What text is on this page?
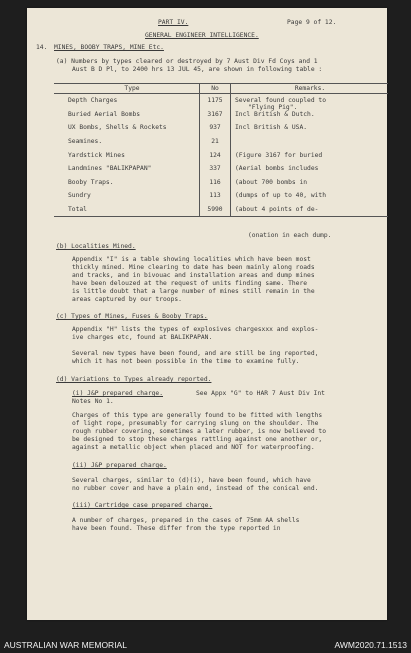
PART IV.	Page 9 of 12.
GENERAL ENGINEER INTELLIGENCE.
14. MINES, BOOBY TRAPS, MINE Etc.
(a) Numbers by types cleared or destroyed by 7 Aust Div Fd Coys and 1
Aust B D Pl, to 2400 hrs 13 JUL 45, are shown in following table :
Type	No	Remarks.
Depth Charges	1175	Several found coupled to
Buried Aerial Bombs	3167	Incl British & Dutch.
UX Bombs, Shells & Rockets	937	Incl British & USA.
Seamines.	21	
Yardstick Mines	124	(Figure 3167 for buried
Landmines "BALIKPAPAN"	337	(Aerial bombs includes
Booby Traps.	116	(about 700 bombs in
Sundry	113	(dumps of up to 40, with
Total	5990	(about 4 points of de-
"Flying Pig".
(onation in each dump.
(b) Localities Mined.
Appendix "I" is a table showing localities which have been most
thickly mined. Mine clearing to date has been mainly along roads
and tracks, and in bivouac and installation areas and dump mines
have been delouzed at the request of units finding same. There
is little doubt that a large number of mines still remain in the
areas captured by our troops.
(c) Types of Mines, Fuses & Booby Traps.
Appendix "H" lists the types of explosives chargesxxx and explos-
ive charges etc, found at BALIKPAPAN.
Several new types have been found, and are still be ing reported,
which it has not been possible in the time to examine fully.
(d) Variations to Types already reported.
(i) J&P prepared charge.	See Appx "G" to HAR 7 Aust Div Int
Notes No 1.
Charges of this type are generally found to be fitted with lengths
of light rope, presumably for carrying slung on the shoulder. The
rough rubber covering, sometimes a later rubber, is now believed to
be designed to stop these charges rattling against one another or,
against a metallic object when placed and NOT for waterproofing.
(ii) J&P prepared charge.
Several charges, similar to (d)(i), have been found, which have
no rubber cover and have a plain end, instead of the conical end.
(iii) Cartridge case prepared charge.
A number of charges, prepared in the cases of 75mm AA shells
have been found. These differ from the type reported in
AUSTRALIAN WAR MEMORIAL	AWM2020.71.1513
